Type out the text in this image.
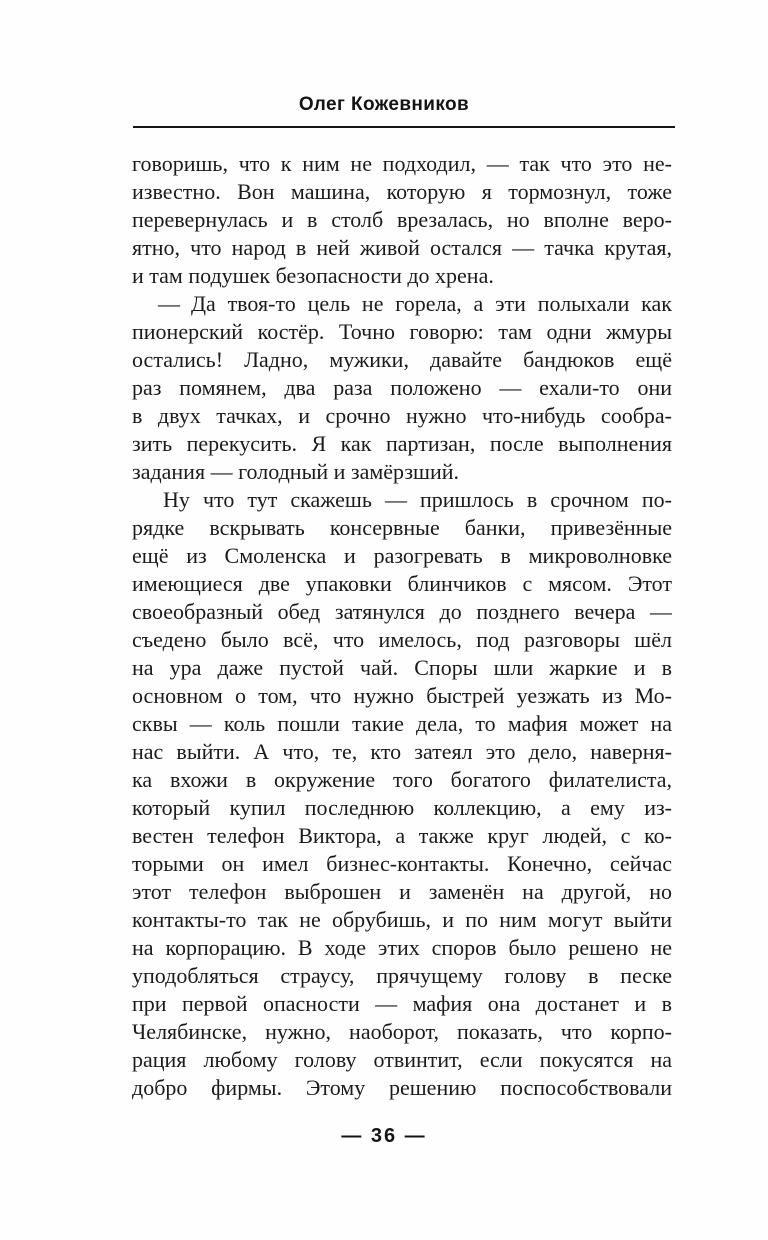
Олег Кожевников
говоришь, что к ним не подходил, — так что это не-
известно. Вон машина, которую я тормознул, тоже
перевернулась и в столб врезалась, но вполне веро-
ятно, что народ в ней живой остался — тачка крутая,
и там подушек безопасности до хрена.
— Да твоя-то цель не горела, а эти полыхали как
пионерский костёр. Точно говорю: там одни жмуры
остались! Ладно, мужики, давайте бандюков ещё
раз помянем, два раза положено — ехали-то они
в двух тачках, и срочно нужно что-нибудь сообра-
зить перекусить. Я как партизан, после выполнения
задания — голодный и замёрзший.
Ну что тут скажешь — пришлось в срочном по-
рядке вскрывать консервные банки, привезённые
ещё из Смоленска и разогревать в микроволновке
имеющиеся две упаковки блинчиков с мясом. Этот
своеобразный обед затянулся до позднего вечера —
съедено было всё, что имелось, под разговоры шёл
на ура даже пустой чай. Споры шли жаркие и в
основном о том, что нужно быстрей уезжать из Мо-
сквы — коль пошли такие дела, то мафия может на
нас выйти. А что, те, кто затеял это дело, наверня-
ка вхожи в окружение того богатого филателиста,
который купил последнюю коллекцию, а ему из-
вестен телефон Виктора, а также круг людей, с ко-
торыми он имел бизнес-контакты. Конечно, сейчас
этот телефон выброшен и заменён на другой, но
контакты-то так не обрубишь, и по ним могут выйти
на корпорацию. В ходе этих споров было решено не
уподобляться страусу, прячущему голову в песке
при первой опасности — мафия она достанет и в
Челябинске, нужно, наоборот, показать, что корпо-
рация любому голову отвинтит, если покусятся на
добро фирмы. Этому решению поспособствовали
— 36 —
